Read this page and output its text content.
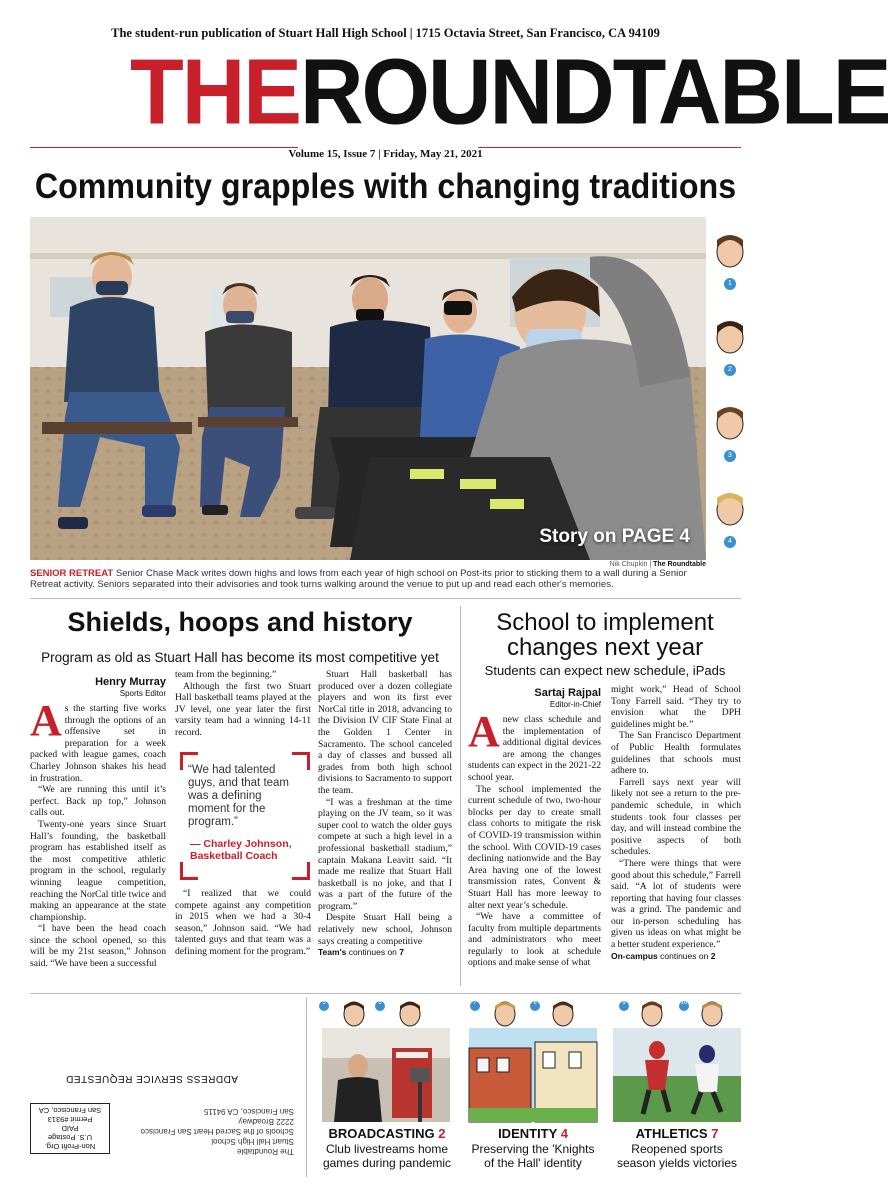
The student-run publication of Stuart Hall High School | 1715 Octavia Street, San Francisco, CA 94109
THEROUNDTABLE
Volume 15, Issue 7 | Friday, May 21, 2021
Community grapples with changing traditions
Story on PAGE 4
Nik Chupkin | The Roundtable
SENIOR RETREAT Senior Chase Mack writes down highs and lows from each year of high school on Post-its prior to sticking them to a wall during a Senior Retreat activity. Seniors separated into their advisories and took turns walking around the venue to put up and read each other's memories.
1
2
3
4
Shields, hoops and history
Program as old as Stuart Hall has become its most competitive yet
Henry Murray
Sports Editor
As the starting five works through the options of an offensive set in preparation for a week packed with league games, coach Charley Johnson shakes his head in frustration.

“We are running this until it’s perfect. Back up top,” Johnson calls out.

Twenty-one years since Stuart Hall’s founding, the basketball program has established itself as the most competitive athletic program in the school, regularly winning league competition, reaching the NorCal title twice and making an appearance at the state championship.

“I have been the head coach since the school opened, so this will be my 21st season,” Johnson said. “We have been a successful

team from the beginning.”

Although the first two Stuart Hall basketball teams played at the JV level, one year later the first varsity team had a winning 14-11 record.

“We had talented guys, and that team was a defining moment for the program.”
— Charley Johnson, Basketball Coach

“I realized that we could compete against any competition in 2015 when we had a 30-4 season,” Johnson said. “We had talented guys and that team was a defining moment for the program.”

Stuart Hall basketball has produced over a dozen collegiate players and won its first ever NorCal title in 2018, advancing to the Division IV CIF State Final at the Golden 1 Center in Sacramento. The school canceled a day of classes and bussed all grades from both high school divisions to Sacramento to support the team.

“I was a freshman at the time playing on the JV team, so it was super cool to watch the older guys compete at such a high level in a professional basketball stadium,” captain Makana Leavitt said. “It made me realize that Stuart Hall basketball is no joke, and that I was a part of the future of the program.”

Despite Stuart Hall being a relatively new school, Johnson says creating a competitive

Team's continues on 7
School to implement
changes next year
Students can expect new schedule, iPads
Sartaj Rajpal
Editor-in-Chief
Anew class schedule and the implementation of additional digital devices are among the changes students can expect in the 2021-22 school year.

The school implemented the current schedule of two, two-hour blocks per day to create small class cohorts to mitigate the risk of COVID-19 transmission within the school. With COVID-19 cases declining nationwide and the Bay Area having one of the lowest transmission rates, Convent & Stuart Hall has more leeway to alter next year’s schedule.

“We have a committee of faculty from multiple departments and administrators who meet regularly to look at schedule options and make sense of what

might work,” Head of School Tony Farrell said. “They try to envision what the DPH guidelines might be.”

The San Francisco Department of Public Health formulates guidelines that schools must adhere to.

Farrell says next year will likely not see a return to the pre-pandemic schedule, in which students took four classes per day, and will instead combine the positive aspects of both schedules.

“There were things that were good about this schedule,” Farrell said. “A lot of students were reporting that having four classes was a grind. The pandemic and our in-person scheduling has given us ideas on what might be a better student experience.”

On-campus continues on 2
The Roundtable
Stuart Hall High School
Schools of the Sacred Heart San Francisco
2222 Broadway
San Francisco, CA 94115
Non-Profit Org.
U.S. Postage
PAID
Permit #9313
San Francisco, CA
ADDRESS SERVICE REQUESTED
5	6
BROADCASTING 2
Club livestreams home
games during pandemic
7	8
IDENTITY 4
Preserving the 'Knights
of the Hall' identity
9	10
ATHLETICS 7
Reopened sports
season yields victories
